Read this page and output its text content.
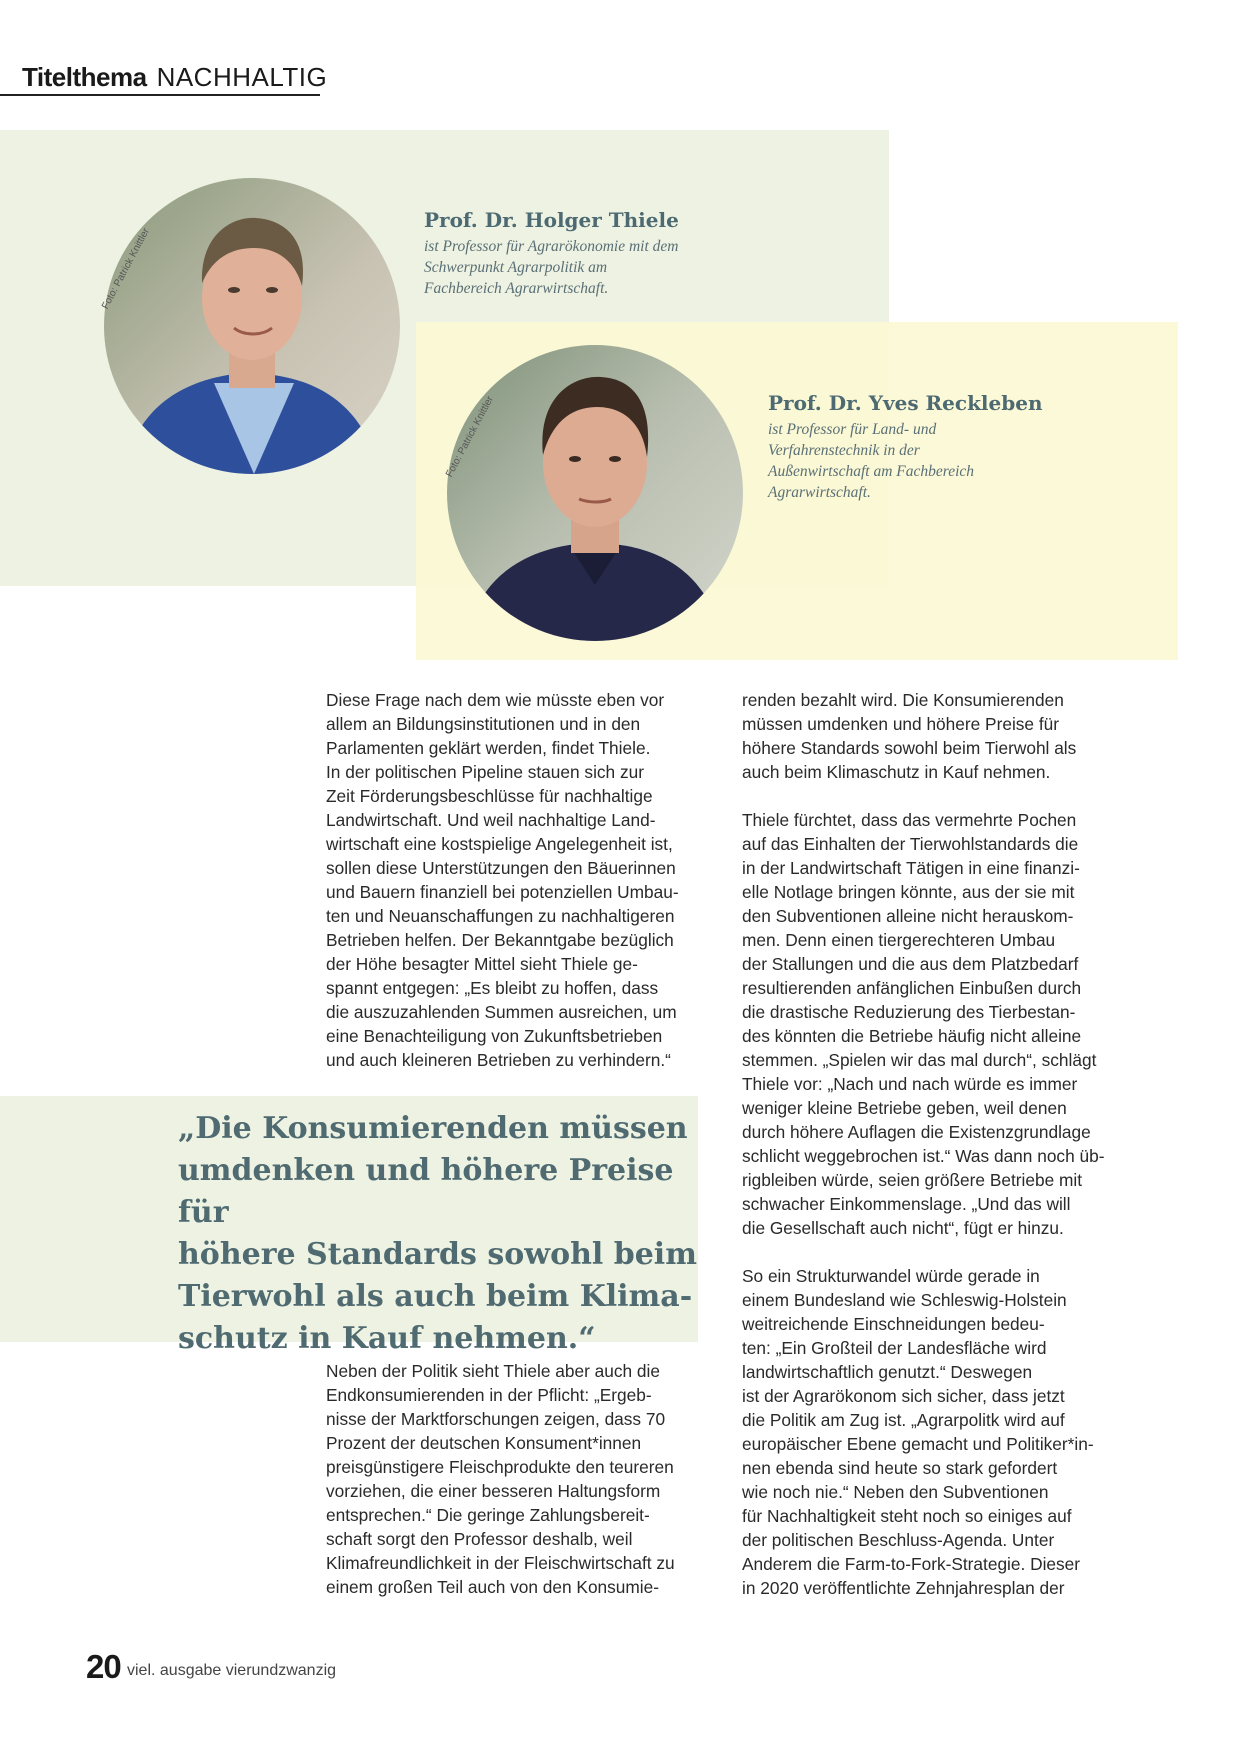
Titelthema NACHHALTIG
Foto: Patrick Knittler
Foto: Patrick Knittler
Prof. Dr. Holger Thiele
ist Professor für Agrarökonomie mit dem
Schwerpunkt Agrarpolitik am
Fachbereich Agrarwirtschaft.
Prof. Dr. Yves Reckleben
ist Professor für Land- und
Verfahrenstechnik in der
Außenwirtschaft am Fachbereich
Agrarwirtschaft.
Diese Frage nach dem wie müsste eben vor
allem an Bildungsinstitutionen und in den
Parlamenten geklärt werden, findet Thiele.
In der politischen Pipeline stauen sich zur
Zeit Förderungsbeschlüsse für nachhaltige
Landwirtschaft. Und weil nachhaltige Land-
wirtschaft eine kostspielige Angelegenheit ist,
sollen diese Unterstützungen den Bäuerinnen
und Bauern finanziell bei potenziellen Umbau-
ten und Neuanschaffungen zu nachhaltigeren
Betrieben helfen. Der Bekanntgabe bezüglich
der Höhe besagter Mittel sieht Thiele ge-
spannt entgegen: „Es bleibt zu hoffen, dass
die auszuzahlenden Summen ausreichen, um
eine Benachteiligung von Zukunftsbetrieben
und auch kleineren Betrieben zu verhindern.“
renden bezahlt wird. Die Konsumierenden
müssen umdenken und höhere Preise für
höhere Standards sowohl beim Tierwohl als
auch beim Klimaschutz in Kauf nehmen.

Thiele fürchtet, dass das vermehrte Pochen
auf das Einhalten der Tierwohlstandards die
in der Landwirtschaft Tätigen in eine finanzi-
elle Notlage bringen könnte, aus der sie mit
den Subventionen alleine nicht herauskom-
men. Denn einen tiergerechteren Umbau
der Stallungen und die aus dem Platzbedarf
resultierenden anfänglichen Einbußen durch
die drastische Reduzierung des Tierbestan-
des könnten die Betriebe häufig nicht alleine
stemmen. „Spielen wir das mal durch“, schlägt
Thiele vor: „Nach und nach würde es immer
weniger kleine Betriebe geben, weil denen
durch höhere Auflagen die Existenzgrundlage
schlicht weggebrochen ist.“ Was dann noch üb-
rigbleiben würde, seien größere Betriebe mit
schwacher Einkommenslage. „Und das will
die Gesellschaft auch nicht“, fügt er hinzu.

So ein Strukturwandel würde gerade in
einem Bundesland wie Schleswig-Holstein
weitreichende Einschneidungen bedeu-
ten: „Ein Großteil der Landesfläche wird
landwirtschaftlich genutzt.“ Deswegen
ist der Agrarökonom sich sicher, dass jetzt
die Politik am Zug ist. „Agrarpolitk wird auf
europäischer Ebene gemacht und Politiker*in-
nen ebenda sind heute so stark gefordert
wie noch nie.“ Neben den Subventionen
für Nachhaltigkeit steht noch so einiges auf
der politischen Beschluss-Agenda. Unter
Anderem die Farm-to-Fork-Strategie. Dieser
in 2020 veröffentlichte Zehnjahresplan der
„Die Konsumierenden müssen
umdenken und höhere Preise für
höhere Standards sowohl beim
Tierwohl als auch beim Klima-
schutz in Kauf nehmen.“
Neben der Politik sieht Thiele aber auch die
Endkonsumierenden in der Pflicht: „Ergeb-
nisse der Marktforschungen zeigen, dass 70
Prozent der deutschen Konsument*innen
preisgünstigere Fleischprodukte den teureren
vorziehen, die einer besseren Haltungsform
entsprechen.“ Die geringe Zahlungsbereit-
schaft sorgt den Professor deshalb, weil
Klimafreundlichkeit in der Fleischwirtschaft zu
einem großen Teil auch von den Konsumie-
20 viel. ausgabe vierundzwanzig
